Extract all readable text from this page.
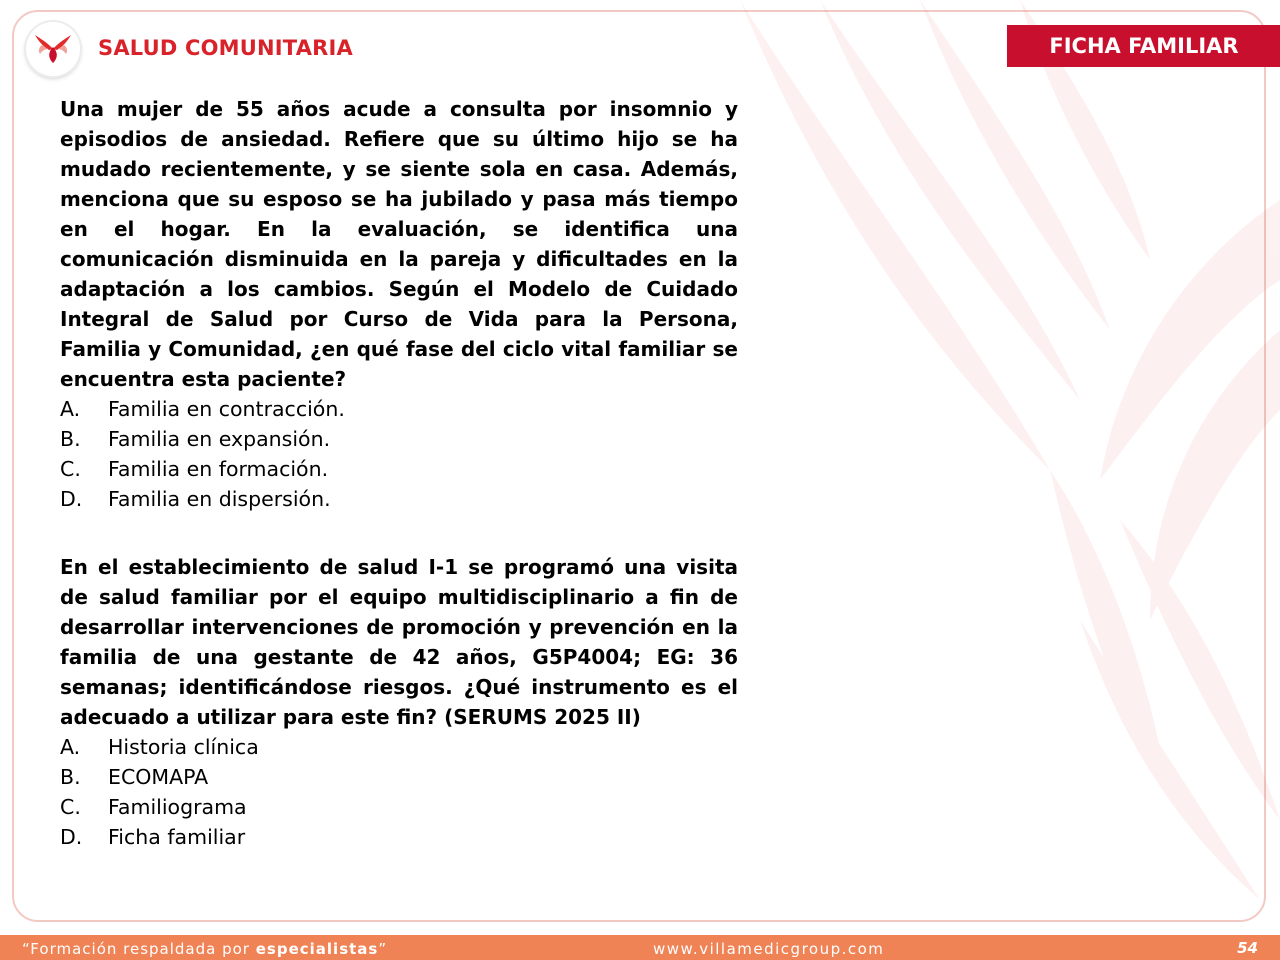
SALUD COMUNITARIA	FICHA FAMILIAR

Una mujer de 55 años acude a consulta por insomnio y episodios de ansiedad. Refiere que su último hijo se ha mudado recientemente, y se siente sola en casa. Además, menciona que su esposo se ha jubilado y pasa más tiempo en el hogar. En la evaluación, se identifica una comunicación disminuida en la pareja y dificultades en la adaptación a los cambios. Según el Modelo de Cuidado Integral de Salud por Curso de Vida para la Persona, Familia y Comunidad, ¿en qué fase del ciclo vital familiar se encuentra esta paciente?

A.	Familia en contracción.
B.	Familia en expansión.
C.	Familia en formación.
D.	Familia en dispersión.

En el establecimiento de salud I-1 se programó una visita de salud familiar por el equipo multidisciplinario a fin de desarrollar intervenciones de promoción y prevención en la familia de una gestante de 42 años, G5P4004; EG: 36 semanas; identificándose riesgos. ¿Qué instrumento es el adecuado a utilizar para este fin? (SERUMS 2025 II)

A.	Historia clínica
B.	ECOMAPA
C.	Familiograma
D.	Ficha familiar
“Formación respaldada por especialistas”	www.villamedicgroup.com	54
